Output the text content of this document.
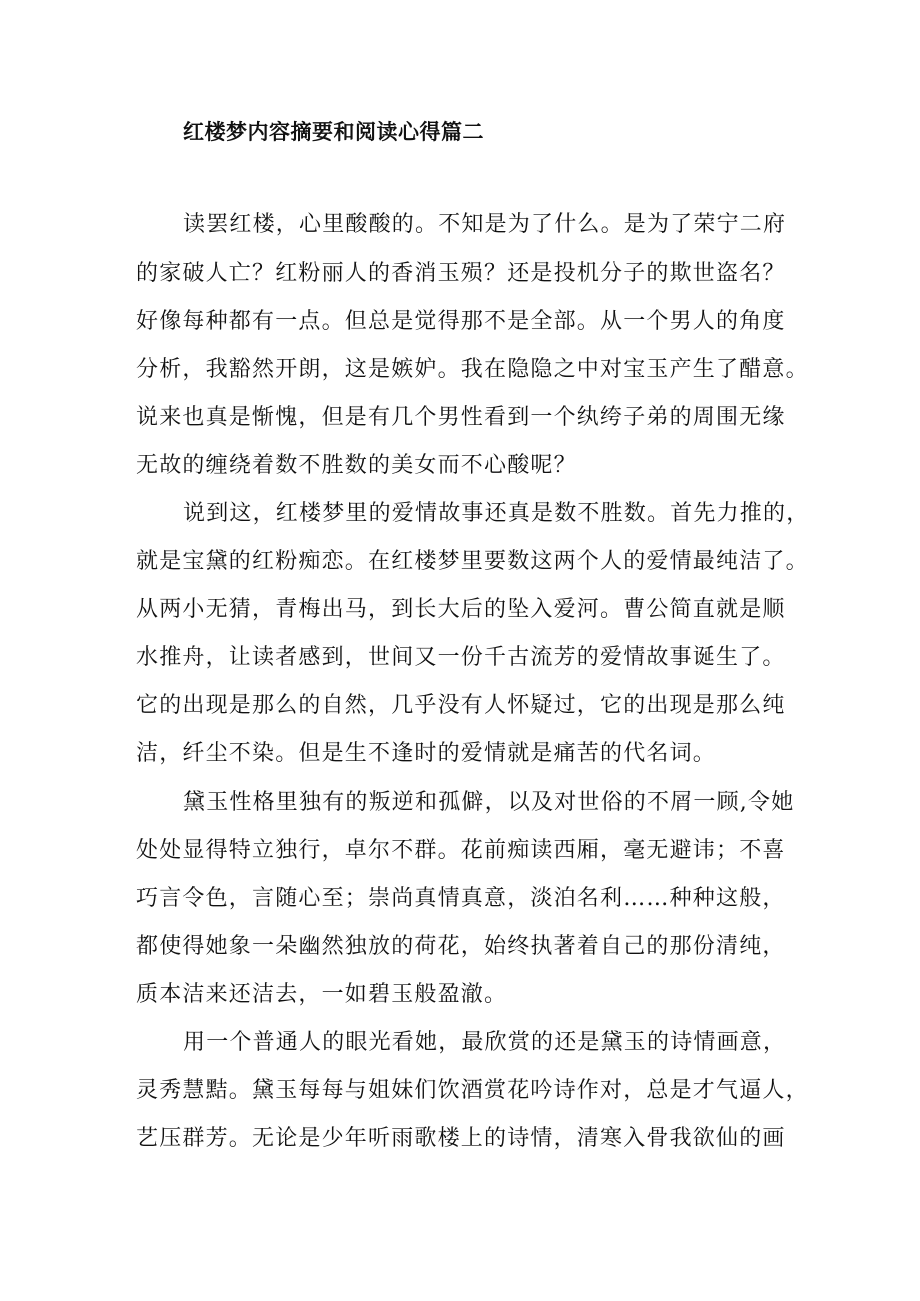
红楼梦内容摘要和阅读心得篇二

读罢红楼，心里酸酸的。不知是为了什么。是为了荣宁二府

的家破人亡？红粉丽人的香消玉殒？还是投机分子的欺世盗名？

好像每种都有一点。但总是觉得那不是全部。从一个男人的角度

分析，我豁然开朗，这是嫉妒。我在隐隐之中对宝玉产生了醋意。

说来也真是惭愧，但是有几个男性看到一个纨绔子弟的周围无缘

无故的缠绕着数不胜数的美女而不心酸呢？

说到这，红楼梦里的爱情故事还真是数不胜数。首先力推的，

就是宝黛的红粉痴恋。在红楼梦里要数这两个人的爱情最纯洁了。

从两小无猜，青梅出马，到长大后的坠入爱河。曹公简直就是顺

水推舟，让读者感到，世间又一份千古流芳的爱情故事诞生了。

它的出现是那么的自然，几乎没有人怀疑过，它的出现是那么纯

洁，纤尘不染。但是生不逢时的爱情就是痛苦的代名词。

黛玉性格里独有的叛逆和孤僻，以及对世俗的不屑一顾,令她

处处显得特立独行，卓尔不群。花前痴读西厢，毫无避讳；不喜

巧言令色，言随心至；崇尚真情真意，淡泊名利……种种这般，

都使得她象一朵幽然独放的荷花，始终执著着自己的那份清纯，

质本洁来还洁去，一如碧玉般盈澈。

用一个普通人的眼光看她，最欣赏的还是黛玉的诗情画意，

灵秀慧黠。黛玉每每与姐妹们饮酒赏花吟诗作对，总是才气逼人，

艺压群芳。无论是少年听雨歌楼上的诗情，清寒入骨我欲仙的画
